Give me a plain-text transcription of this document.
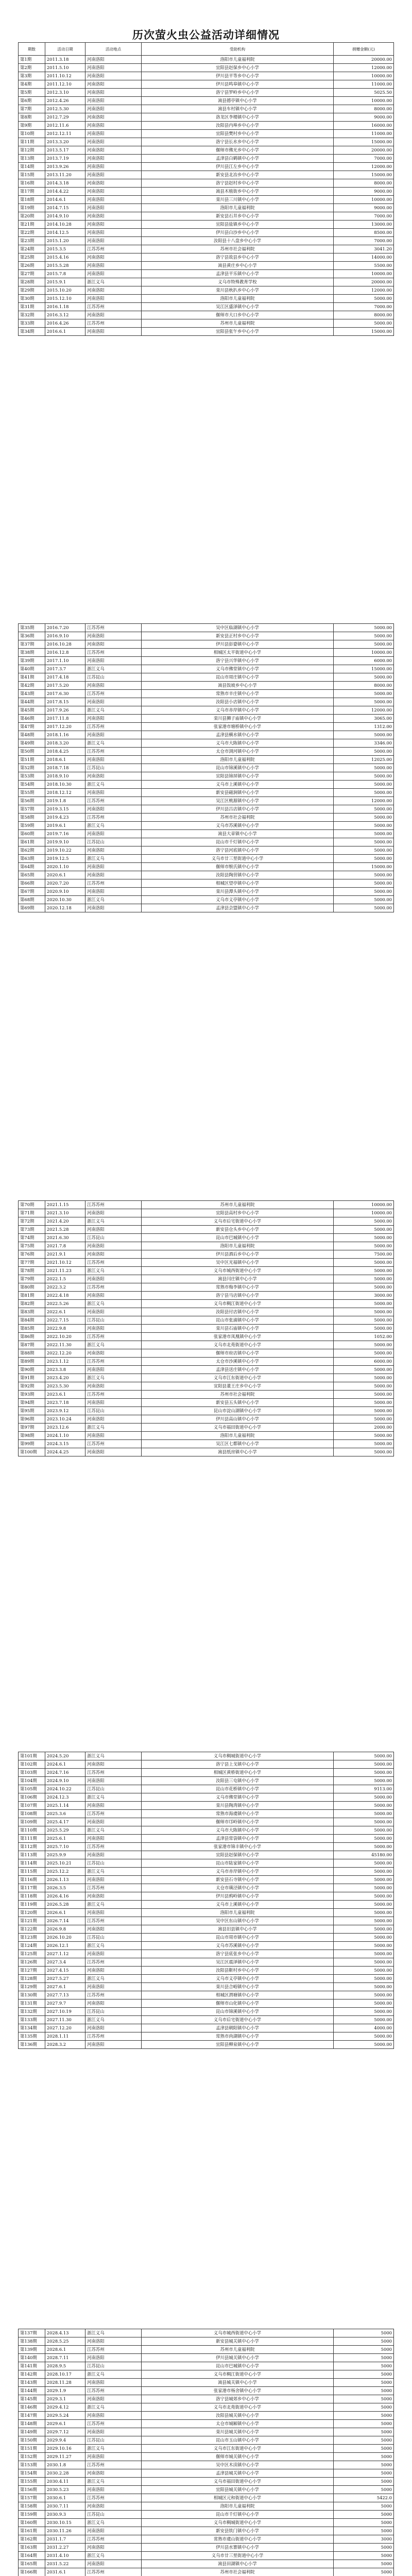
历次萤火虫公益活动详细情况
期数	活动日期	活动地点	受助机构	捐赠金额(元)
第1期	2011.3.18	河南洛阳	洛阳市儿童福利院	20000.00
第2期	2011.5.10	河南洛阳	宜阳县赵保乡中心小学	12000.00
第3期	2011.10.12	河南洛阳	伊川县平等乡中心小学	10000.00
第4期	2011.12.10	河南洛阳	伊川县鸣皋镇中心小学	11000.00
第5期	2012.3.10	河南洛阳	洛宁县罗岭乡中心小学	5025.50
第6期	2012.4.26	河南洛阳	嵩县德亭镇中心小学	10000.00
第7期	2012.5.30	河南洛阳	嵩县车村镇中心小学	8000.00
第8期	2012.7.29	河南洛阳	洛龙区李楼镇中心小学	9000.00
第9期	2012.11.6	河南洛阳	汝阳县内埠乡中心小学	16000.00
第10期	2012.12.11	河南洛阳	宜阳县樊村乡中心小学	11000.00
第11期	2013.3.20	河南洛阳	洛宁县长水乡中心小学	15000.00
第12期	2013.5.17	河南洛阳	偃师市佛光乡中心小学	20000.00
第13期	2013.7.19	河南洛阳	孟津县白鹤镇中心小学	7000.00
第14期	2013.9.26	河南洛阳	伊川县江左乡中心小学	12000.00
第15期	2013.11.20	河南洛阳	新安县北冶乡中心小学	15000.00
第16期	2014.3.18	河南洛阳	洛宁县赵村乡中心小学	8000.00
第17期	2014.4.22	河南洛阳	嵩县木植街乡中心小学	9000.00
第18期	2014.6.1	河南洛阳	栾川县三川镇中心小学	10000.00
第19期	2014.7.15	河南洛阳	洛阳市儿童福利院	9000.00
第20期	2014.9.10	河南洛阳	新安县石井乡中心小学	7000.00
第21期	2014.10.28	河南洛阳	宜阳县盐镇乡中心小学	13000.00
第22期	2014.12.5	河南洛阳	伊川县白沙乡中心小学	8500.00
第23期	2015.1.20	河南洛阳	汝阳县十八盘乡中心小学	7000.00
第24期	2015.3.5	江苏苏州	苏州市社会福利院	3041.20
第25期	2015.4.16	河南洛阳	洛宁县故县乡中心小学	14000.00
第26期	2015.5.28	河南洛阳	嵩县黄庄乡中心小学	5500.00
第27期	2015.7.8	河南洛阳	孟津县平乐镇中心小学	10000.00
第28期	2015.9.1	浙江义乌	义乌市特殊教育学校	20000.00
第29期	2015.10.20	河南洛阳	栾川县秋扒乡中心小学	12000.00
第30期	2015.12.10	河南洛阳	洛阳市儿童福利院	5000.00
第31期	2016.1.18	江苏苏州	吴江区盛泽镇中心小学	7000.00
第32期	2016.3.12	河南洛阳	偃师市大口乡中心小学	8000.00
第33期	2016.4.26	江苏苏州	苏州市儿童福利院	5000.00
第34期	2016.6.1	河南洛阳	宜阳县张午乡中心小学	15000.00
第35期	2016.7.20	江苏苏州	吴中区临湖镇中心小学	5000.00
第36期	2016.9.10	河南洛阳	新安县正村乡中心小学	5000.00
第37期	2016.10.28	河南洛阳	伊川县彭婆镇中心小学	5000.00
第38期	2016.12.8	江苏苏州	相城区太平街道中心小学	10000.00
第39期	2017.1.10	河南洛阳	洛宁县兴华镇中心小学	6000.00
第40期	2017.3.7	浙江义乌	义乌市佛堂镇中心小学	15000.00
第41期	2017.4.18	江苏昆山	昆山市周庄镇中心小学	5000.00
第42期	2017.5.20	河南洛阳	嵩县饭坡乡中心小学	8000.00
第43期	2017.6.30	江苏苏州	常熟市辛庄镇中心小学	5000.00
第44期	2017.8.15	河南洛阳	汝阳县小店镇中心小学	5000.00
第45期	2017.9.26	浙江义乌	义乌市赤岸镇中心小学	12000.00
第46期	2017.11.8	河南洛阳	栾川县狮子庙镇中心小学	3065.00
第47期	2017.12.20	江苏苏州	张家港市塘桥镇中心小学	1312.00
第48期	2018.1.16	河南洛阳	孟津县横水镇中心小学	5000.00
第49期	2018.3.20	浙江义乌	义乌市大陈镇中心小学	3346.00
第50期	2018.4.25	江苏苏州	太仓市浏河镇中心小学	5000.00
第51期	2018.6.1	河南洛阳	洛阳市儿童福利院	12025.00
第52期	2018.7.18	江苏昆山	昆山市锦溪镇中心小学	5000.00
第53期	2018.9.10	河南洛阳	宜阳县锦屏镇中心小学	5000.00
第54期	2018.10.30	浙江义乌	义乌市上溪镇中心小学	5000.00
第55期	2018.12.12	河南洛阳	新安县磁涧镇中心小学	5000.00
第56期	2019.1.8	江苏苏州	吴江区桃源镇中心小学	12000.00
第57期	2019.3.15	河南洛阳	伊川县吕店镇中心小学	5000.00
第58期	2019.4.23	江苏苏州	苏州市社会福利院	5000.00
第59期	2019.6.1	浙江义乌	义乌市苏溪镇中心小学	5000.00
第60期	2019.7.16	河南洛阳	嵩县大章镇中心小学	5000.00
第61期	2019.9.10	江苏昆山	昆山市千灯镇中心小学	5000.00
第62期	2019.10.22	河南洛阳	洛宁县河底镇中心小学	5000.00
第63期	2019.12.5	浙江义乌	义乌市廿三里街道中心小学	5000.00
第64期	2020.1.10	河南洛阳	偃师市缑氏镇中心小学	15000.00
第65期	2020.6.1	河南洛阳	汝阳县陶营镇中心小学	5000.00
第66期	2020.7.20	江苏苏州	相城区望亭镇中心小学	5000.00
第67期	2020.9.10	河南洛阳	栾川县潭头镇中心小学	5000.00
第68期	2020.10.30	浙江义乌	义乌市义亭镇中心小学	5000.00
第69期	2020.12.18	河南洛阳	孟津县会盟镇中心小学	5000.00
第70期	2021.1.15	江苏苏州	苏州市儿童福利院	10000.00
第71期	2021.3.10	河南洛阳	宜阳县高村乡中心小学	10000.00
第72期	2021.4.20	浙江义乌	义乌市后宅街道中心小学	5000.00
第73期	2021.5.28	河南洛阳	新安县仓头乡中心小学	5000.00
第74期	2021.6.30	江苏昆山	昆山市巴城镇中心小学	5000.00
第75期	2021.7.8	河南洛阳	洛阳市儿童福利院	5000.00
第76期	2021.9.1	河南洛阳	伊川县酒后乡中心小学	7500.00
第77期	2021.10.12	江苏苏州	吴中区光福镇中心小学	5000.00
第78期	2021.11.23	浙江义乌	义乌市城西街道中心小学	5000.00
第79期	2022.1.5	河南洛阳	嵩县闫庄镇中心小学	5000.00
第80期	2022.3.2	江苏苏州	常熟市梅李镇中心小学	5000.00
第81期	2022.4.18	河南洛阳	洛宁县马店镇中心小学	3000.00
第82期	2022.5.26	浙江义乌	义乌市稠江街道中心小学	5000.00
第83期	2022.6.1	河南洛阳	汝阳县付店镇中心小学	5000.00
第84期	2022.7.15	江苏昆山	昆山市张浦镇中心小学	5000.00
第85期	2022.9.8	河南洛阳	栾川县石庙镇中心小学	5000.00
第86期	2022.10.20	江苏苏州	张家港市凤凰镇中心小学	1052.00
第87期	2022.11.30	浙江义乌	义乌市北苑街道中心小学	5000.00
第88期	2022.12.20	河南洛阳	偃师市府店镇中心小学	5000.00
第89期	2023.1.12	江苏苏州	太仓市沙溪镇中心小学	6000.00
第90期	2023.3.8	河南洛阳	孟津县送庄镇中心小学	5000.00
第91期	2023.4.20	浙江义乌	义乌市江东街道中心小学	5000.00
第92期	2023.5.30	河南洛阳	宜阳县董王庄乡中心小学	5000.00
第93期	2023.6.1	江苏苏州	苏州市社会福利院	5000.00
第94期	2023.7.18	河南洛阳	新安县五头镇中心小学	5000.00
第95期	2023.9.12	江苏昆山	昆山市淀山湖镇中心小学	5000.00
第96期	2023.10.24	河南洛阳	伊川县高山镇中心小学	5000.00
第97期	2023.12.6	浙江义乌	义乌市福田街道中心小学	2000.00
第98期	2024.1.10	河南洛阳	洛阳市儿童福利院	5000.00
第99期	2024.3.15	江苏苏州	吴江区七都镇中心小学	5000.00
第100期	2024.4.25	河南洛阳	嵩县纸房镇中心小学	5000.00
第101期	2024.5.20	浙江义乌	义乌市稠城街道中心小学	5000.00
第102期	2024.6.1	河南洛阳	洛宁县上戈镇中心小学	5000.00
第103期	2024.7.16	江苏苏州	相城区黄桥街道中心小学	5000.00
第104期	2024.9.10	河南洛阳	汝阳县三屯镇中心小学	5000.00
第105期	2024.10.22	江苏昆山	昆山市花桥镇中心小学	9113.00
第106期	2024.12.3	浙江义乌	义乌市佛堂镇中心小学	5000.00
第107期	2025.1.14	河南洛阳	栾川县陶湾镇中心小学	5000.00
第108期	2025.3.6	江苏苏州	常熟市海虞镇中心小学	5000.00
第109期	2025.4.17	河南洛阳	偃师市邙岭镇中心小学	5000.00
第110期	2025.5.29	浙江义乌	义乌市大陈镇中心小学	5000.00
第111期	2025.6.1	河南洛阳	孟津县常袋镇中心小学	5000.00
第112期	2025.7.10	江苏苏州	张家港市锦丰镇中心小学	5000.00
第113期	2025.9.9	河南洛阳	宜阳县赵保镇中心小学	45180.00
第114期	2025.10.21	江苏昆山	昆山市陆家镇中心小学	5000.00
第115期	2025.12.2	浙江义乌	义乌市赤岸镇中心小学	5000.00
第116期	2026.1.13	河南洛阳	新安县石寺镇中心小学	5000.00
第117期	2026.3.5	江苏苏州	太仓市璜泾镇中心小学	5000.00
第118期	2026.4.16	河南洛阳	伊川县鸦岭镇中心小学	5000.00
第119期	2026.5.28	浙江义乌	义乌市上溪镇中心小学	5000.00
第120期	2026.6.1	河南洛阳	洛阳市儿童福利院	5000.00
第121期	2026.7.14	江苏苏州	吴中区东山镇中心小学	5000.00
第122期	2026.9.8	河南洛阳	嵩县旧县镇中心小学	5000.00
第123期	2026.10.20	江苏昆山	昆山市周市镇中心小学	5000.00
第124期	2026.12.1	浙江义乌	义乌市苏溪镇中心小学	5000.00
第125期	2027.1.12	河南洛阳	洛宁县底张乡中心小学	5000.00
第126期	2027.3.4	江苏苏州	吴江区震泽镇中心小学	5000.00
第127期	2027.4.15	河南洛阳	汝阳县靳村乡中心小学	5000.00
第128期	2027.5.27	浙江义乌	义乌市义亭镇中心小学	5000.00
第129期	2027.6.1	河南洛阳	栾川县合峪镇中心小学	5000.00
第130期	2027.7.13	江苏苏州	相城区渭塘镇中心小学	5000.00
第131期	2027.9.7	河南洛阳	偃师市山化镇中心小学	5000.00
第132期	2027.10.19	江苏昆山	昆山市锦溪镇中心小学	5000.00
第133期	2027.11.30	浙江义乌	义乌市后宅街道中心小学	5000.00
第134期	2027.12.20	河南洛阳	孟津县朝阳镇中心小学	4000.00
第135期	2028.1.11	江苏苏州	常熟市尚湖镇中心小学	5000.00
第136期	2028.3.2	河南洛阳	宜阳县柳泉镇中心小学	5000.00
第137期	2028.4.13	浙江义乌	义乌市城西街道中心小学	5000
第138期	2028.5.25	河南洛阳	新安县城关镇中心小学	5000
第139期	2028.6.1	江苏苏州	苏州市儿童福利院	5000
第140期	2028.7.11	河南洛阳	伊川县城关镇中心小学	5000
第141期	2028.9.5	江苏昆山	昆山市巴城镇中心小学	5000
第142期	2028.10.17	浙江义乌	义乌市稠江街道中心小学	5000
第143期	2028.11.28	河南洛阳	嵩县城关镇中心小学	5000
第144期	2029.1.9	江苏苏州	张家港市杨舍镇中心小学	5000
第145期	2029.3.1	河南洛阳	洛宁县城郊乡中心小学	5000
第146期	2029.4.12	浙江义乌	义乌市北苑街道中心小学	5000
第147期	2029.5.24	河南洛阳	汝阳县城关镇中心小学	5000
第148期	2029.6.1	江苏苏州	太仓市城厢镇中心小学	5000
第149期	2029.7.12	河南洛阳	栾川县城关镇中心小学	5000
第150期	2029.9.4	江苏昆山	昆山市玉山镇中心小学	5000
第151期	2029.10.16	浙江义乌	义乌市江东街道中心小学	5000
第152期	2029.11.27	河南洛阳	偃师市城关镇中心小学	5000
第153期	2030.1.8	江苏苏州	吴中区木渎镇中心小学	5000
第154期	2030.2.28	河南洛阳	孟津县城关镇中心小学	5000
第155期	2030.4.11	浙江义乌	义乌市福田街道中心小学	5000
第156期	2030.5.23	河南洛阳	宜阳县城关镇中心小学	5000
第157期	2030.6.1	江苏苏州	相城区元和街道中心小学	5422.0
第158期	2030.7.11	河南洛阳	洛阳市儿童福利院	5000
第159期	2030.9.3	江苏昆山	昆山市千灯镇中心小学	5000
第160期	2030.10.15	浙江义乌	义乌市稠城街道中心小学	5000
第161期	2030.11.26	河南洛阳	新安县铁门镇中心小学	5000
第162期	2031.1.7	江苏苏州	常熟市虞山街道中心小学	3000
第163期	2031.2.27	河南洛阳	伊川县水寨镇中心小学	5000
第164期	2031.4.10	浙江义乌	义乌市廿三里街道中心小学	5000
第165期	2031.5.22	河南洛阳	嵩县田湖镇中心小学	5000
第166期	2031.6.1	江苏苏州	苏州市社会福利院	5000
